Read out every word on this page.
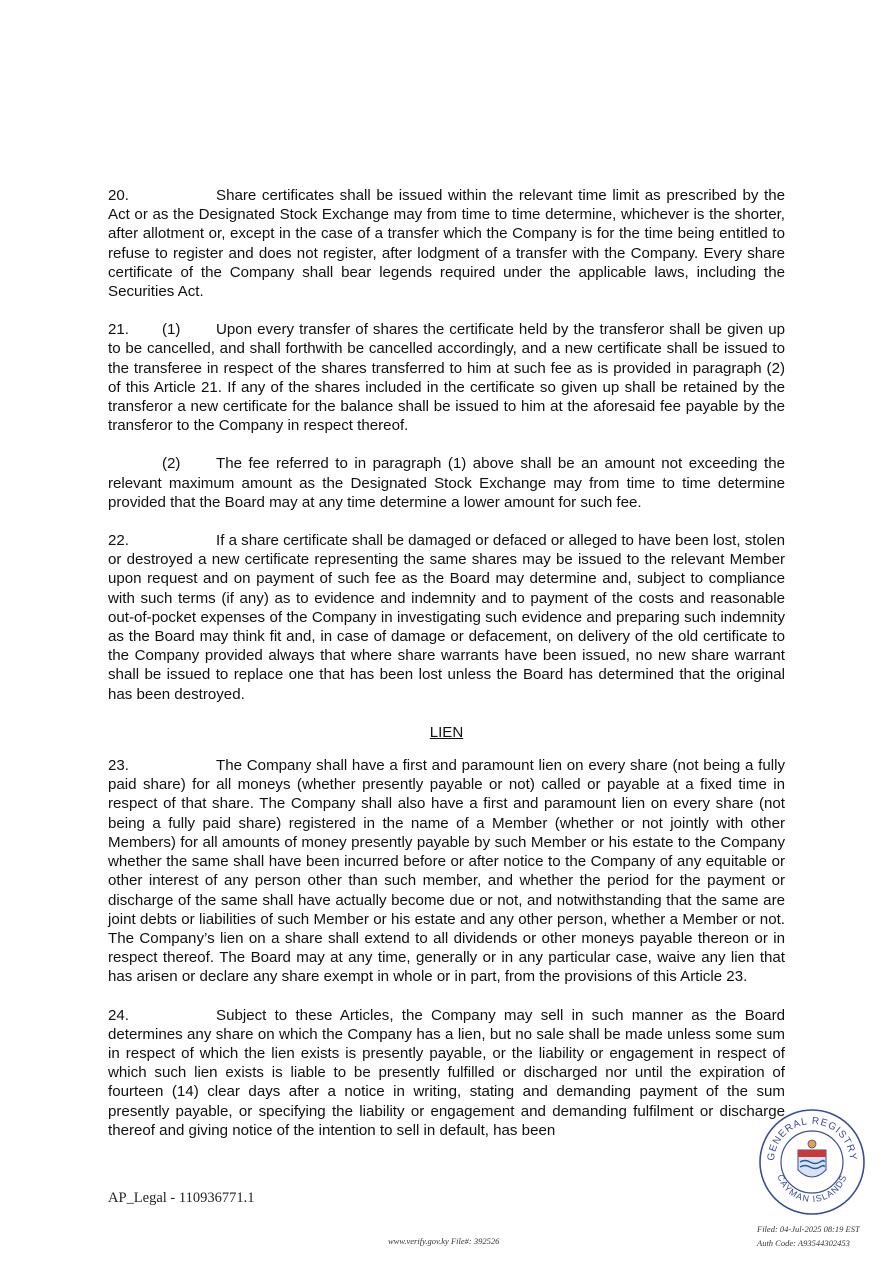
20.	Share certificates shall be issued within the relevant time limit as prescribed by the Act or as the Designated Stock Exchange may from time to time determine, whichever is the shorter, after allotment or, except in the case of a transfer which the Company is for the time being entitled to refuse to register and does not register, after lodgment of a transfer with the Company. Every share certificate of the Company shall bear legends required under the applicable laws, including the Securities Act.

21. (1) Upon every transfer of shares the certificate held by the transferor shall be given up to be cancelled, and shall forthwith be cancelled accordingly, and a new certificate shall be issued to the transferee in respect of the shares transferred to him at such fee as is provided in paragraph (2) of this Article 21. If any of the shares included in the certificate so given up shall be retained by the transferor a new certificate for the balance shall be issued to him at the aforesaid fee payable by the transferor to the Company in respect thereof.

(2) The fee referred to in paragraph (1) above shall be an amount not exceeding the relevant maximum amount as the Designated Stock Exchange may from time to time determine provided that the Board may at any time determine a lower amount for such fee.

22.	If a share certificate shall be damaged or defaced or alleged to have been lost, stolen or destroyed a new certificate representing the same shares may be issued to the relevant Member upon request and on payment of such fee as the Board may determine and, subject to compliance with such terms (if any) as to evidence and indemnity and to payment of the costs and reasonable out-of-pocket expenses of the Company in investigating such evidence and preparing such indemnity as the Board may think fit and, in case of damage or defacement, on delivery of the old certificate to the Company provided always that where share warrants have been issued, no new share warrant shall be issued to replace one that has been lost unless the Board has determined that the original has been destroyed.

LIEN

23.	The Company shall have a first and paramount lien on every share (not being a fully paid share) for all moneys (whether presently payable or not) called or payable at a fixed time in respect of that share. The Company shall also have a first and paramount lien on every share (not being a fully paid share) registered in the name of a Member (whether or not jointly with other Members) for all amounts of money presently payable by such Member or his estate to the Company whether the same shall have been incurred before or after notice to the Company of any equitable or other interest of any person other than such member, and whether the period for the payment or discharge of the same shall have actually become due or not, and notwithstanding that the same are joint debts or liabilities of such Member or his estate and any other person, whether a Member or not. The Company’s lien on a share shall extend to all dividends or other moneys payable thereon or in respect thereof. The Board may at any time, generally or in any particular case, waive any lien that has arisen or declare any share exempt in whole or in part, from the provisions of this Article 23.

24.	Subject to these Articles, the Company may sell in such manner as the Board determines any share on which the Company has a lien, but no sale shall be made unless some sum in respect of which the lien exists is presently payable, or the liability or engagement in respect of which such lien exists is liable to be presently fulfilled or discharged nor until the expiration of fourteen (14) clear days after a notice in writing, stating and demanding payment of the sum presently payable, or specifying the liability or engagement and demanding fulfilment or discharge thereof and giving notice of the intention to sell in default, has been

AP_Legal - 110936771.1
www.verify.gov.ky File#: 392526
Filed: 04-Jul-2025 08:19 EST
Auth Code: A93544302453
GENERAL REGISTRY
CAYMAN ISLANDS
